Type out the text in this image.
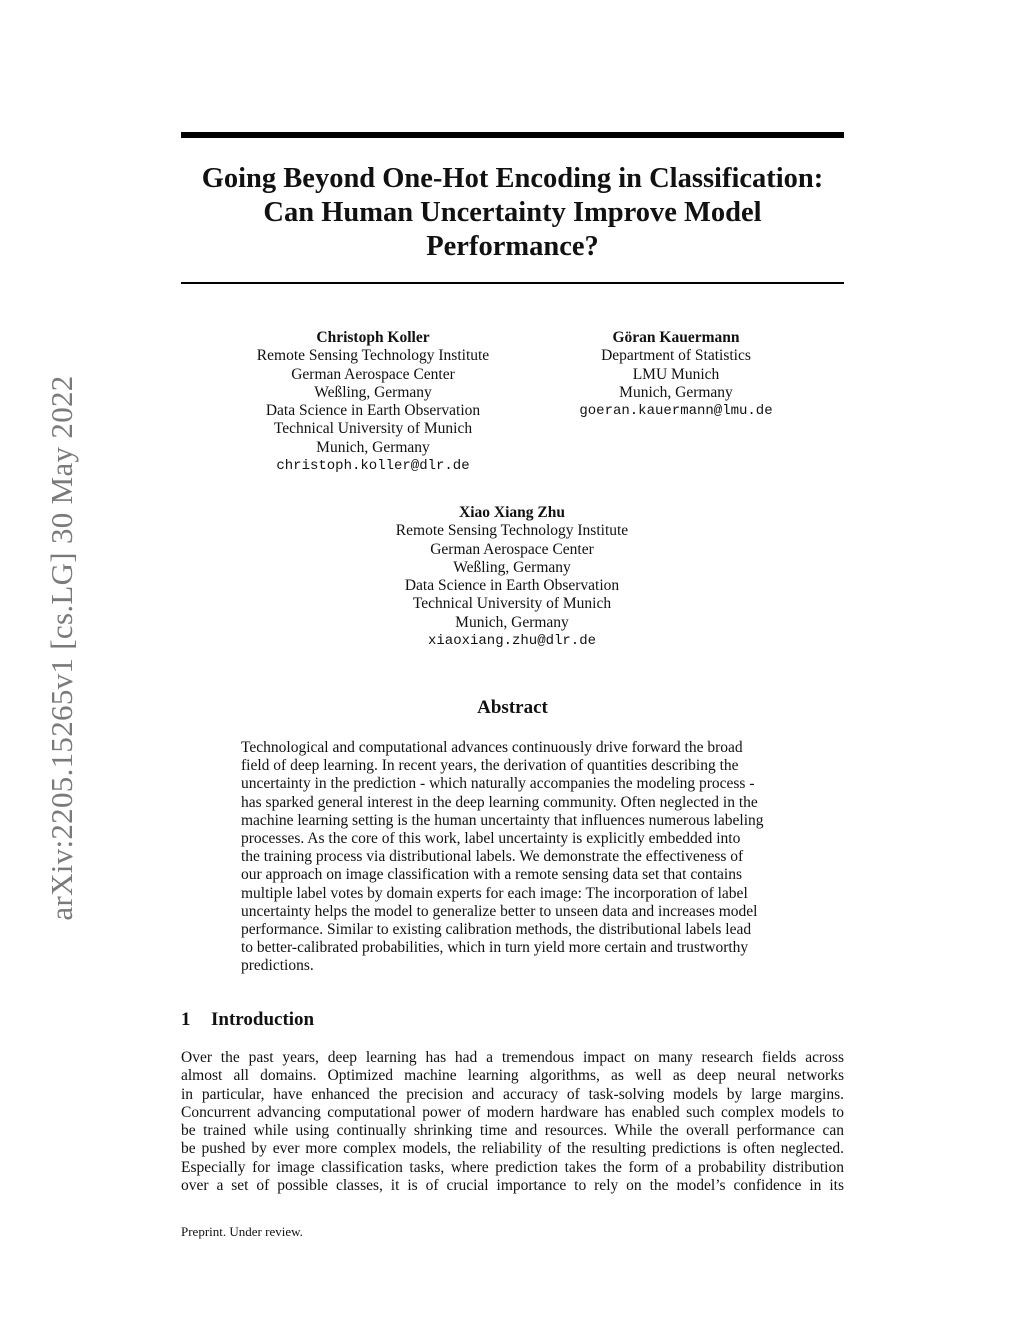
arXiv:2205.15265v1 [cs.LG] 30 May 2022
Going Beyond One-Hot Encoding in Classification:
Can Human Uncertainty Improve Model
Performance?
Christoph Koller
Remote Sensing Technology Institute
German Aerospace Center
Weßling, Germany
Data Science in Earth Observation
Technical University of Munich
Munich, Germany
christoph.koller@dlr.de
Göran Kauermann
Department of Statistics
LMU Munich
Munich, Germany
goeran.kauermann@lmu.de
Xiao Xiang Zhu
Remote Sensing Technology Institute
German Aerospace Center
Weßling, Germany
Data Science in Earth Observation
Technical University of Munich
Munich, Germany
xiaoxiang.zhu@dlr.de
Abstract
Technological and computational advances continuously drive forward the broad
field of deep learning. In recent years, the derivation of quantities describing the
uncertainty in the prediction - which naturally accompanies the modeling process -
has sparked general interest in the deep learning community. Often neglected in the
machine learning setting is the human uncertainty that influences numerous labeling
processes. As the core of this work, label uncertainty is explicitly embedded into
the training process via distributional labels. We demonstrate the effectiveness of
our approach on image classification with a remote sensing data set that contains
multiple label votes by domain experts for each image: The incorporation of label
uncertainty helps the model to generalize better to unseen data and increases model
performance. Similar to existing calibration methods, the distributional labels lead
to better-calibrated probabilities, which in turn yield more certain and trustworthy
predictions.
1 Introduction
Over the past years, deep learning has had a tremendous impact on many research fields across
almost all domains. Optimized machine learning algorithms, as well as deep neural networks
in particular, have enhanced the precision and accuracy of task-solving models by large margins.
Concurrent advancing computational power of modern hardware has enabled such complex models to
be trained while using continually shrinking time and resources. While the overall performance can
be pushed by ever more complex models, the reliability of the resulting predictions is often neglected.
Especially for image classification tasks, where prediction takes the form of a probability distribution
over a set of possible classes, it is of crucial importance to rely on the model’s confidence in its
Preprint. Under review.
